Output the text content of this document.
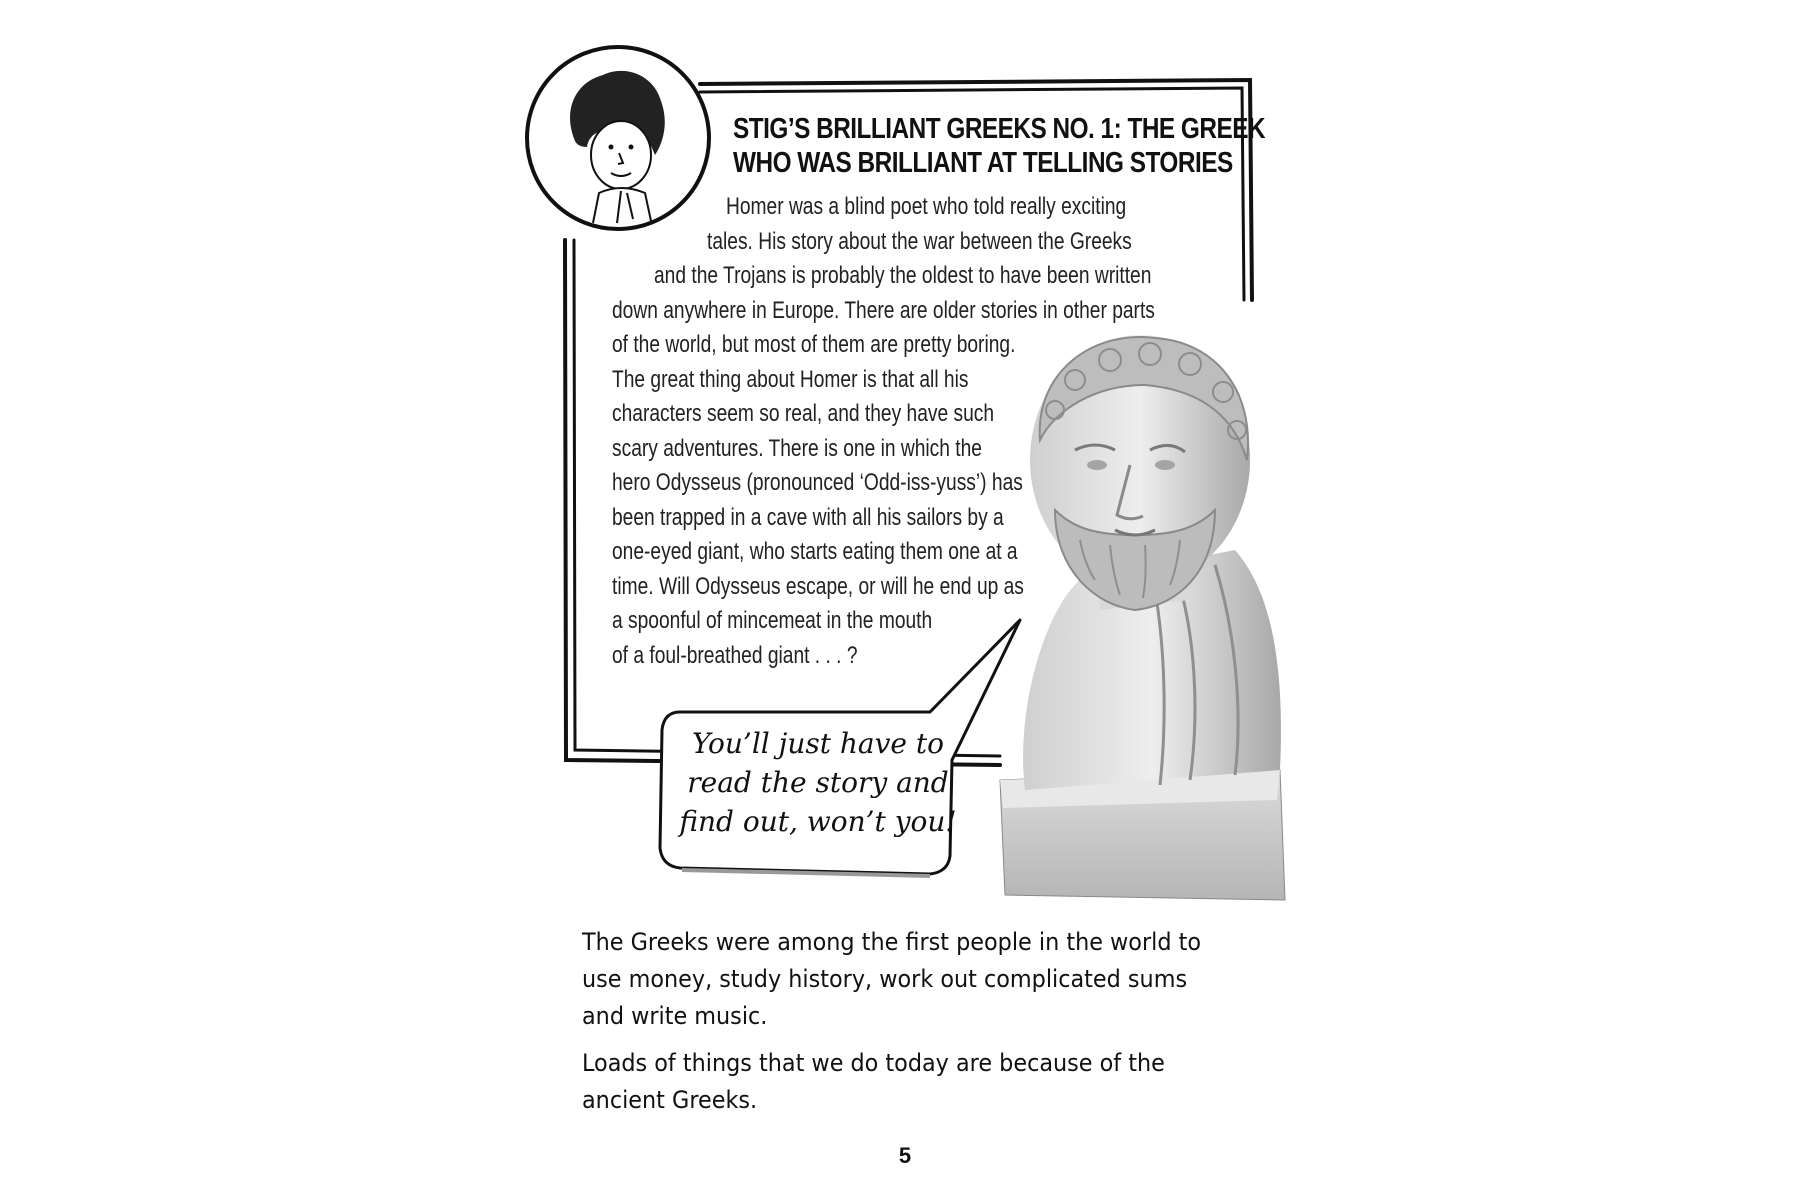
STIG’S BRILLIANT GREEKS NO. 1: THE GREEK
WHO WAS BRILLIANT AT TELLING STORIES
Homer was a blind poet who told really exciting
tales. His story about the war between the Greeks
and the Trojans is probably the oldest to have been written
down anywhere in Europe. There are older stories in other parts
of the world, but most of them are pretty boring.
The great thing about Homer is that all his
characters seem so real, and they have such
scary adventures. There is one in which the
hero Odysseus (pronounced ‘Odd-iss-yuss’) has
been trapped in a cave with all his sailors by a
one-eyed giant, who starts eating them one at a
time. Will Odysseus escape, or will he end up as
a spoonful of mincemeat in the mouth
of a foul-breathed giant . . . ?
You’ll just have to
read the story and
find out, won’t you!
The Greeks were among the first people in the world to
use money, study history, work out complicated sums
and write music.
Loads of things that we do today are because of the
ancient Greeks.
5
